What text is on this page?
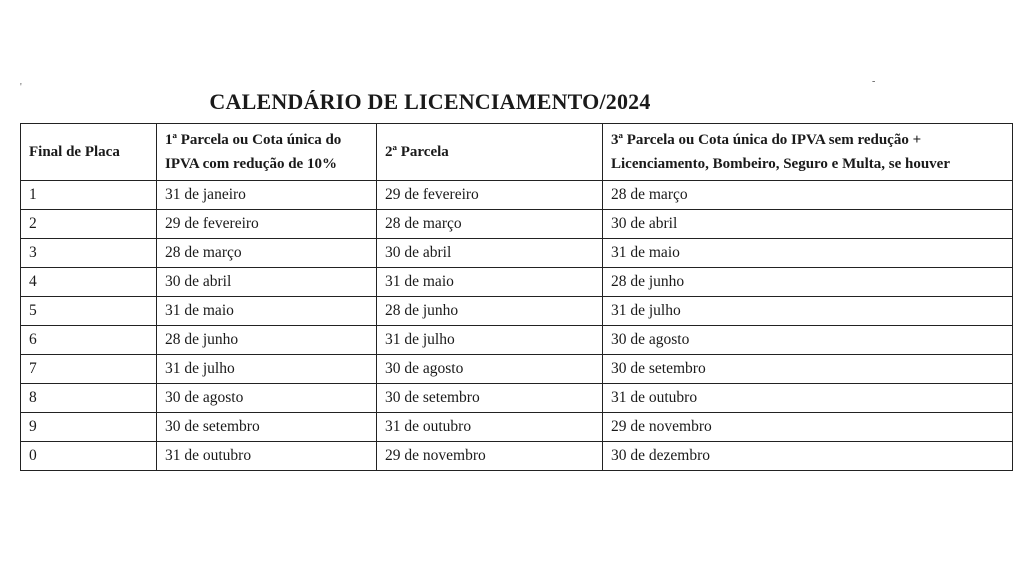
'
-
CALENDÁRIO DE LICENCIAMENTO/2024
Final de Placa	1ª Parcela ou Cota única do IPVA com redução de 10%	2ª Parcela	3ª Parcela ou Cota única do IPVA sem redução + Licenciamento, Bombeiro, Seguro e Multa, se houver
1	31 de janeiro	29 de fevereiro	28 de março
2	29 de fevereiro	28 de março	30 de abril
3	28 de março	30 de abril	31 de maio
4	30 de abril	31 de maio	28 de junho
5	31 de maio	28 de junho	31 de julho
6	28 de junho	31 de julho	30 de agosto
7	31 de julho	30 de agosto	30 de setembro
8	30 de agosto	30 de setembro	31 de outubro
9	30 de setembro	31 de outubro	29 de novembro
0	31 de outubro	29 de novembro	30 de dezembro
